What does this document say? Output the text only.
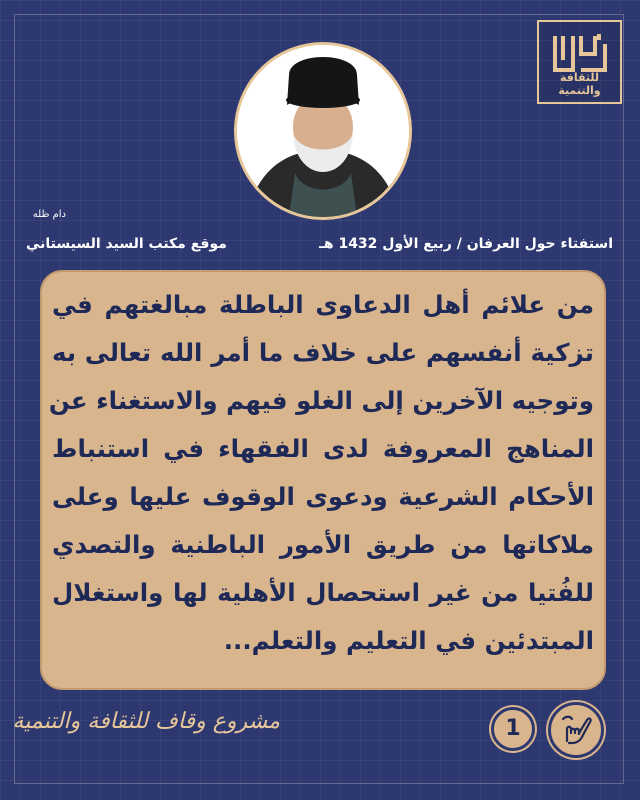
للثقافة والتنمية
دام ظله
موقع مكتب السيد السيستاني	استفتاء حول العرفان / ربيع الأول 1432 هـ
من علائم أهل الدعاوى الباطلة مبالغتهم في
تزكية أنفسهم على خلاف ما أمر الله تعالى به
وتوجيه الآخرين إلى الغلو فيهم والاستغناء عن
المناهج المعروفة لدى الفقهاء في استنباط
الأحكام الشرعية ودعوى الوقوف عليها وعلى
ملاكاتها من طريق الأمور الباطنية والتصدي
للفُتيا من غير استحصال الأهلية لها واستغلال
المبتدئين في التعليم والتعلم...
مشروع وقاف للثقافة والتنمية	1
